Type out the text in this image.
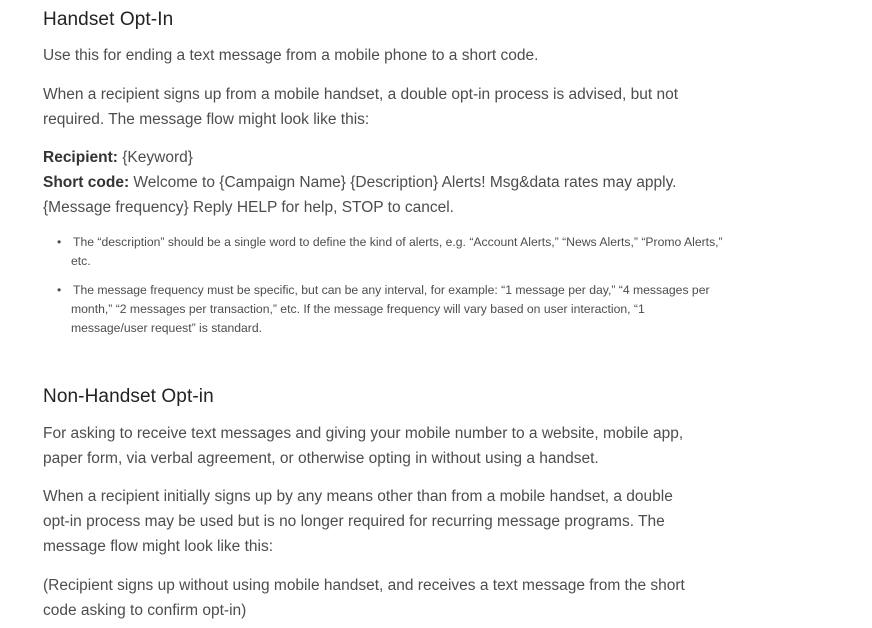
Handset Opt-In

Use this for ending a text message from a mobile phone to a short code.

When a recipient signs up from a mobile handset, a double opt-in process is advised, but not required. The message flow might look like this:

Recipient: {Keyword}
Short code: Welcome to {Campaign Name} {Description} Alerts! Msg&data rates may apply. {Message frequency} Reply HELP for help, STOP to cancel.

• The “description” should be a single word to define the kind of alerts, e.g. “Account Alerts,” “News Alerts,” “Promo Alerts,” etc.
• The message frequency must be specific, but can be any interval, for example: “1 message per day,” “4 messages per month,” “2 messages per transaction,” etc. If the message frequency will vary based on user interaction, “1 message/user request” is standard.
Non-Handset Opt-in

For asking to receive text messages and giving your mobile number to a website, mobile app, paper form, via verbal agreement, or otherwise opting in without using a handset.

When a recipient initially signs up by any means other than from a mobile handset, a double opt-in process may be used but is no longer required for recurring message programs. The message flow might look like this:

(Recipient signs up without using mobile handset, and receives a text message from the short code asking to confirm opt-in)
